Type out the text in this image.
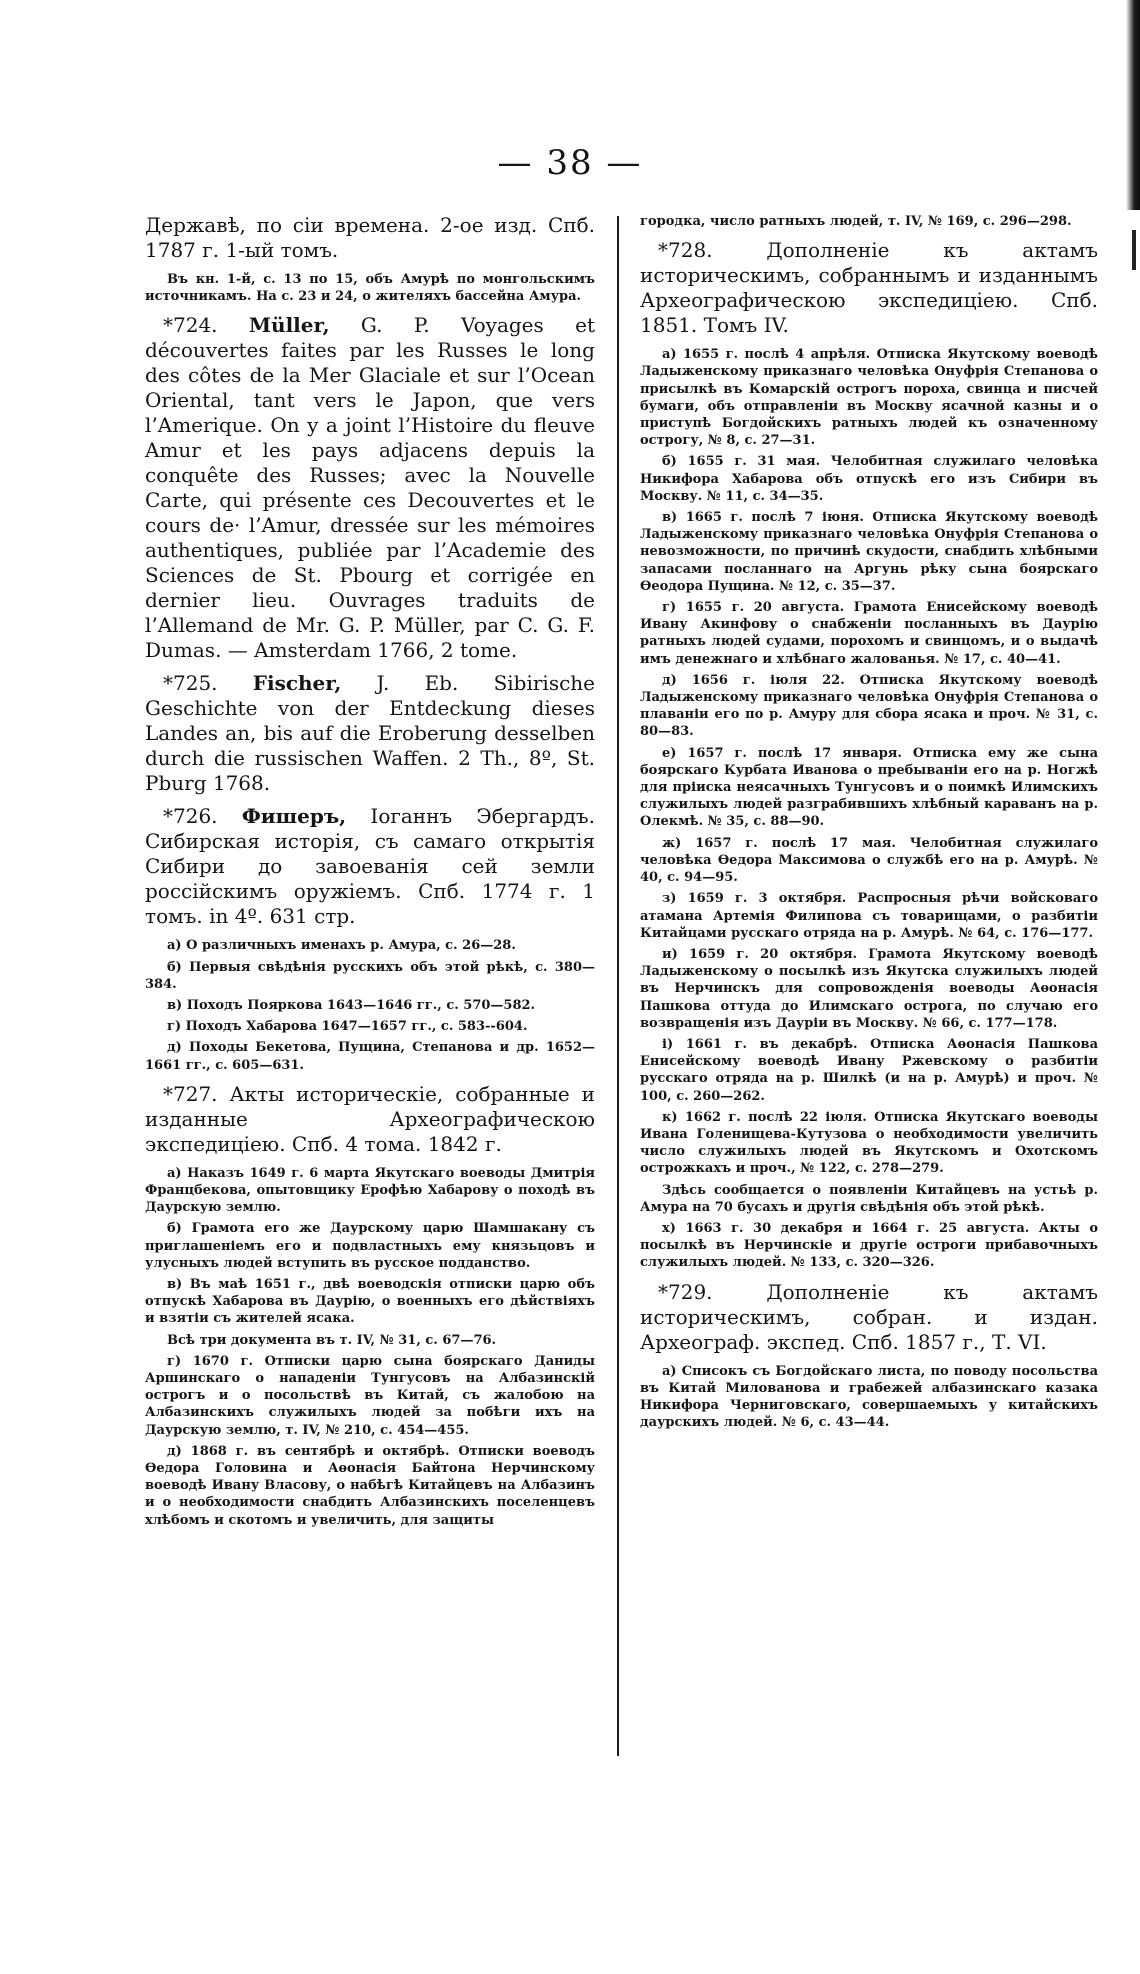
— 38 —

Державѣ, по сіи времена. 2-ое изд. Спб. 1787 г. 1-ый томъ.

Въ кн. 1-й, с. 13 по 15, объ Амурѣ по монгольскимъ источникамъ. На с. 23 и 24, о жителяхъ бассейна Амура.

*724. Müller, G. P. Voyages et découvertes faites par les Russes le long des côtes de la Mer Glaciale et sur l’Ocean Oriental, tant vers le Japon, que vers l’Amerique. On y a joint l’Histoire du fleuve Amur et les pays adjacens depuis la conquête des Russes; avec la Nouvelle Carte, qui présente ces Decouvertes et le cours de· l’Amur, dressée sur les mémoires authentiques, publiée par l’Academie des Sciences de St. Pbourg et corrigée en dernier lieu. Ouvrages traduits de l’Allemand de Mr. G. P. Müller, par C. G. F. Dumas. — Amsterdam 1766, 2 tome.

*725. Fischer, J. Eb. Sibirische Geschichte von der Entdeckung dieses Landes an, bis auf die Eroberung desselben durch die russischen Waffen. 2 Th., 8º, St. Pburg 1768.

*726. Фишеръ, Іоганнъ Эбергардъ. Сибирская исторія, съ самаго открытія Сибири до завоеванія сей земли россійскимъ оружіемъ. Спб. 1774 г. 1 томъ. in 4º. 631 стр.

а) О различныхъ именахъ р. Амура, с. 26—28.

б) Первыя свѣдѣнія русскихъ объ этой рѣкѣ, с. 380—384.

в) Походъ Пояркова 1643—1646 гг., с. 570—582.

г) Походъ Хабарова 1647—1657 гг., с. 583--604.

д) Походы Бекетова, Пущина, Степанова и др. 1652—1661 гг., с. 605—631.

*727. Акты историческіе, собранные и изданные Археографическою экспедиціею. Спб. 4 тома. 1842 г.

а) Наказъ 1649 г. 6 марта Якутскаго воеводы Дмитрія Францбекова, опытовщику Ерофѣю Хабарову о походѣ въ Даурскую землю.

б) Грамота его же Даурскому царю Шамшакану съ приглашеніемъ его и подвластныхъ ему князьцовъ и улусныхъ людей вступить въ русское подданство.

в) Въ маѣ 1651 г., двѣ воеводскія отписки царю объ отпускѣ Хабарова въ Даурію, о военныхъ его дѣйствіяхъ и взятіи съ жителей ясака.

Всѣ три документа въ т. IV, № 31, с. 67—76.

г) 1670 г. Отписки царю сына боярскаго Даниды Аршинскаго о нападеніи Тунгусовъ на Албазинскій острогъ и о посольствѣ въ Китай, съ жалобою на Албазинскихъ служилыхъ людей за побѣги ихъ на Даурскую землю, т. IV, № 210, с. 454—455.

д) 1868 г. въ сентябрѣ и октябрѣ. Отписки воеводъ Ѳедора Головина и Аѳонасія Байтона Нерчинскому воеводѣ Ивану Власову, о набѣгѣ Китайцевъ на Албазинъ и о необходимости снабдить Албазинскихъ поселенцевъ хлѣбомъ и скотомъ и увеличить, для защиты

городка, число ратныхъ людей, т. IV, № 169, с. 296—298.

*728.	Дополненіе къ актамъ историческимъ, собраннымъ и изданнымъ Археографическою экспедиціею. Спб. 1851. Томъ IV.

а) 1655 г. послѣ 4 апрѣля. Отписка Якутскому воеводѣ Ладыженскому приказнаго человѣка Онуфрія Степанова о присылкѣ въ Комарскій острогъ пороха, свинца и писчей бумаги, объ отправленіи въ Москву ясачной казны и о приступѣ Богдойскихъ ратныхъ людей къ означенному острогу, № 8, с. 27—31.

б) 1655 г. 31 мая. Челобитная служилаго человѣка Никифора Хабарова объ отпускѣ его изъ Сибири въ Москву. № 11, с. 34—35.

в) 1665 г. послѣ 7 іюня. Отписка Якутскому воеводѣ Ладыженскому приказнаго человѣка Онуфрія Степанова о невозможности, по причинѣ скудости, снабдить хлѣбными запасами посланнаго на Аргунь рѣку сына боярскаго Ѳеодора Пущина. № 12, с. 35—37.

г) 1655 г. 20 августа. Грамота Енисейскому воеводѣ Ивану Акинфову о снабженіи посланныхъ въ Даурію ратныхъ людей судами, порохомъ и свинцомъ, и о выдачѣ имъ денежнаго и хлѣбнаго жалованья. № 17, с. 40—41.

д) 1656 г. іюля 22. Отписка Якутскому воеводѣ Ладыженскому приказнаго человѣка Онуфрія Степанова о плаваніи его по р. Амуру для сбора ясака и проч. № 31, с. 80—83.

е) 1657 г. послѣ 17 января. Отписка ему же сына боярскаго Курбата Иванова о пребываніи его на р. Ногжѣ для пріиска неясачныхъ Тунгусовъ и о поимкѣ Илимскихъ служилыхъ людей разграбившихъ хлѣбный караванъ на р. Олекмѣ. № 35, с. 88—90.

ж) 1657 г. послѣ 17 мая. Челобитная служилаго человѣка Ѳедора Максимова о службѣ его на р. Амурѣ. № 40, с. 94—95.

з) 1659 г. 3 октября. Распросныя рѣчи войсковаго атамана Артемія Филипова съ товарищами, о разбитіи Китайцами русскаго отряда на р. Амурѣ. № 64, с. 176—177.

и) 1659 г. 20 октября. Грамота Якутскому воеводѣ Ладыженскому о посылкѣ изъ Якутска служилыхъ людей въ Нерчинскъ для сопровожденія воеводы Аѳонасія Пашкова оттуда до Илимскаго острога, по случаю его возвращенія изъ Дауріи въ Москву. № 66, с. 177—178.

і) 1661 г. въ декабрѣ. Отписка Аѳонасія Пашкова Енисейскому воеводѣ Ивану Ржевскому о разбитіи русскаго отряда на р. Шилкѣ (и на р. Амурѣ) и проч. № 100, с. 260—262.

к) 1662 г. послѣ 22 іюля. Отписка Якутскаго воеводы Ивана Голенищева-Кутузова о необходимости увеличить число служилыхъ людей въ Якутскомъ и Охотскомъ острожкахъ и проч., № 122, с. 278—279.

Здѣсь сообщается о появленіи Китайцевъ на устьѣ р. Амура на 70 бусахъ и другія свѣдѣнія объ этой рѣкѣ.

х) 1663 г. 30 декабря и 1664 г. 25 августа. Акты о посылкѣ въ Нерчинскіе и другіе остроги прибавочныхъ служилыхъ людей. № 133, с. 320—326.

*729.	Дополненіе къ актамъ историческимъ, собран. и издан. Археограф. экспед. Спб. 1857 г., Т. VI.

а) Списокъ съ Богдойскаго листа, по поводу посольства въ Китай Милованова и грабежей албазинскаго казака Никифора Черниговскаго, совершаемыхъ у китайскихъ даурскихъ людей. № 6, с. 43—44.
